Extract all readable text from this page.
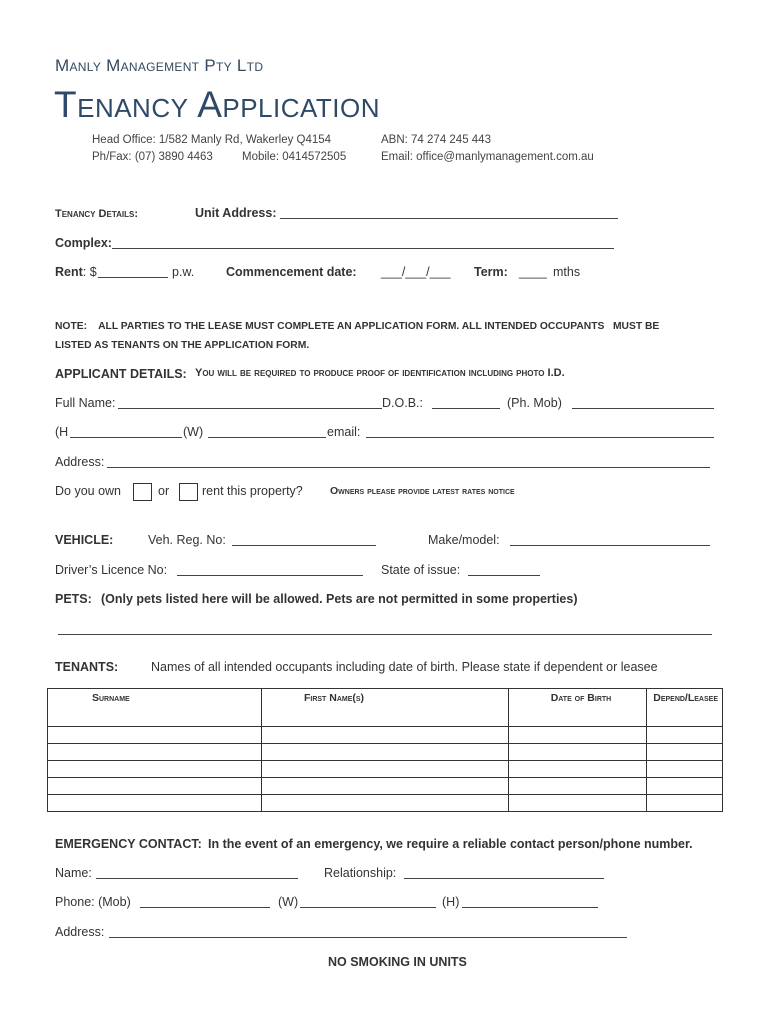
Manly Management Pty Ltd
Tenancy Application
Head Office: 1/582 Manly Rd, Wakerley Q4154	ABN: 74 274 245 443
Ph/Fax: (07) 3890 4463	Mobile: 0414572505	Email: office@manlymanagement.com.au
Tenancy Details:	Unit Address:
Complex:
Rent: $	p.w.	Commencement date: ___/___/___ Term: ____ mths
NOTE:    ALL PARTIES TO THE LEASE MUST COMPLETE AN APPLICATION FORM. ALL INTENDED OCCUPANTS   MUST BE
LISTED AS TENANTS ON THE APPLICATION FORM.
APPLICANT DETAILS: You will be required to produce proof of identification including photo I.D.
Full Name:	D.O.B.:	(Ph. Mob)
(H	(W)	email:
Address:
Do you own	or	rent this property?	Owners please provide latest rates notice
VEHICLE:	Veh. Reg. No:	Make/model:
Driver’s Licence No:	State of issue:
PETS: (Only pets listed here will be allowed. Pets are not permitted in some properties)
TENANTS:	Names of all intended occupants including date of birth. Please state if dependent or leasee
Surname	First Name(s)	Date of Birth	Depend/Leasee

EMERGENCY CONTACT: In the event of an emergency, we require a reliable contact person/phone number.
Name:	Relationship:
Phone: (Mob)	(W)	(H)
Address:
NO SMOKING IN UNITS
